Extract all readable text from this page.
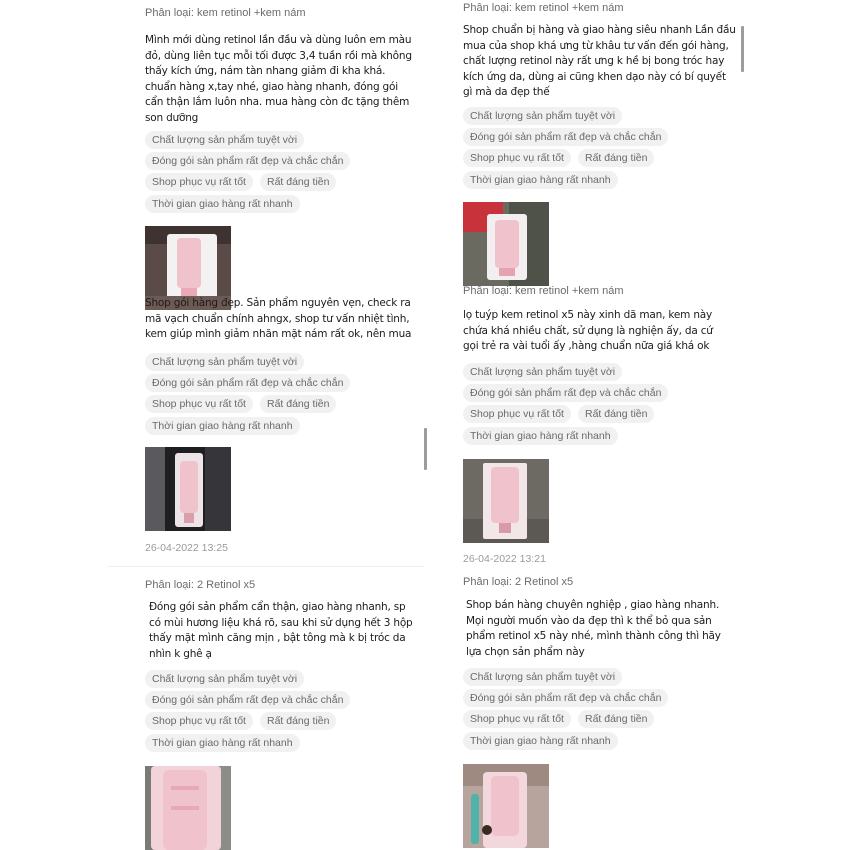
Phân loại: kem retinol +kem nám
Mình mới dùng retinol lần đầu và dùng luôn em màu đỏ, dùng liên tục mỗi tối được 3,4 tuần rồi mà không thấy kích ứng, nám tàn nhang giảm đi kha khá. chuẩn hàng x,tay nhé, giao hàng nhanh, đóng gói cẩn thận lắm luôn nha. mua hàng còn đc tặng thêm son dưỡng
Chất lượng sản phẩm tuyệt vời
Đóng gói sản phẩm rất đẹp và chắc chắn
Shop phục vụ rất tốt	Rất đáng tiền
Thời gian giao hàng rất nhanh
Shop gói hàng đẹp. Sản phẩm nguyên vẹn, check ra mã vạch chuẩn chính ahngx, shop tư vấn nhiệt tình, kem giúp mình giảm nhăn mặt nám rất ok, nên mua
Chất lượng sản phẩm tuyệt vời
Đóng gói sản phẩm rất đẹp và chắc chắn
Shop phục vụ rất tốt	Rất đáng tiền
Thời gian giao hàng rất nhanh
26-04-2022 13:25
Phân loại: 2 Retinol x5
Đóng gói sản phẩm cẩn thận, giao hàng nhanh, sp có mùi hương liệu khá rõ, sau khi sử dụng hết 3 hộp thấy mặt mình căng mịn , bật tông mà k bị tróc da nhìn k ghê ạ
Chất lượng sản phẩm tuyệt vời
Đóng gói sản phẩm rất đẹp và chắc chắn
Shop phục vụ rất tốt	Rất đáng tiền
Thời gian giao hàng rất nhanh
Phân loại: kem retinol +kem nám
Shop chuẩn bị hàng và giao hàng siêu nhanh Lần đầu mua của shop khá ưng từ khâu tư vấn đến gói hàng, chất lượng retinol này rất ưng k hề bị bong tróc hay kích ứng da, dùng ai cũng khen dạo này có bí quyết gì mà da đẹp thế
Chất lượng sản phẩm tuyệt vời
Đóng gói sản phẩm rất đẹp và chắc chắn
Shop phục vụ rất tốt	Rất đáng tiền
Thời gian giao hàng rất nhanh
Phân loại: kem retinol +kem nám
lọ tuýp kem retinol x5 này xinh dã man, kem này chứa khá nhiều chất, sử dụng là nghiện ấy, da cứ gọi trẻ ra vài tuổi ấy ,hàng chuẩn nữa giá khá ok
Chất lượng sản phẩm tuyệt vời
Đóng gói sản phẩm rất đẹp và chắc chắn
Shop phục vụ rất tốt	Rất đáng tiền
Thời gian giao hàng rất nhanh
26-04-2022 13:21
Phân loại: 2 Retinol x5
Shop bán hàng chuyên nghiệp , giao hàng nhanh. Mọi người muốn vào da đẹp thì k thể bỏ qua sản phẩm retinol x5 này nhé, mình thành công thì hãy lựa chọn sản phẩm này
Chất lượng sản phẩm tuyệt vời
Đóng gói sản phẩm rất đẹp và chắc chắn
Shop phục vụ rất tốt	Rất đáng tiền
Thời gian giao hàng rất nhanh
